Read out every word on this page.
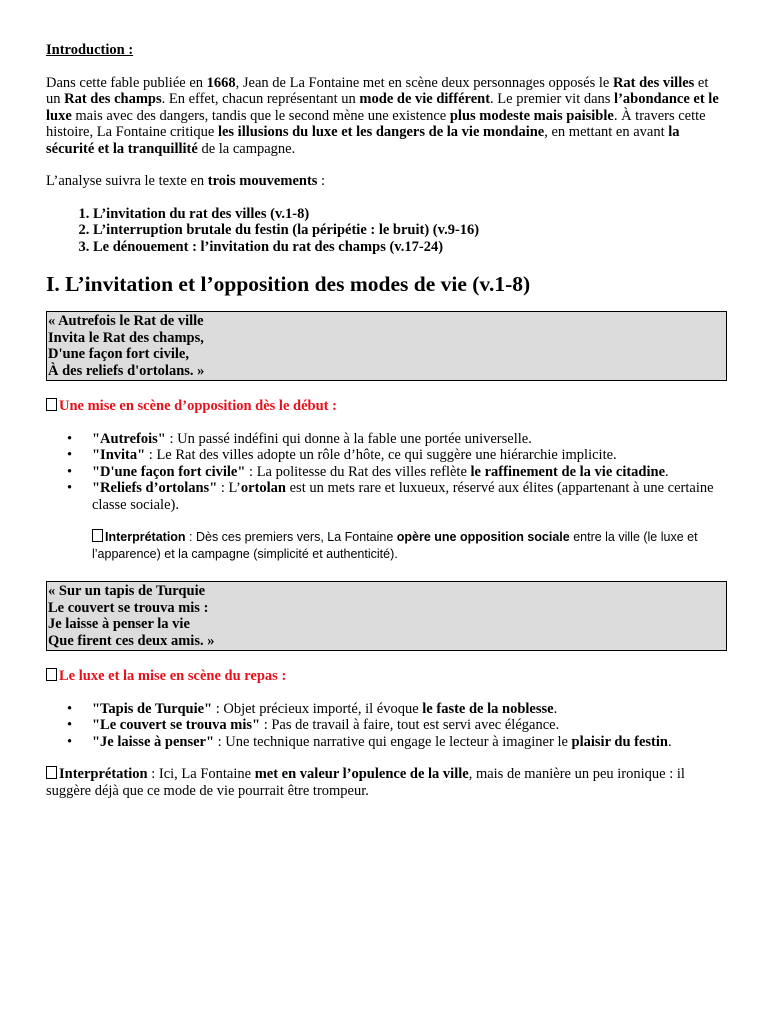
Introduction :

Dans cette fable publiée en 1668, Jean de La Fontaine met en scène deux personnages opposés le Rat des villes et un Rat des champs. En effet, chacun représentant un mode de vie différent. Le premier vit dans l’abondance et le luxe mais avec des dangers, tandis que le second mène une existence plus modeste mais paisible. À travers cette histoire, La Fontaine critique les illusions du luxe et les dangers de la vie mondaine, en mettant en avant la sécurité et la tranquillité de la campagne.

L’analyse suivra le texte en trois mouvements :

1. L’invitation du rat des villes (v.1-8)
2. L’interruption brutale du festin (la péripétie : le bruit) (v.9-16)
3. Le dénouement : l’invitation du rat des champs (v.17-24)
I. L’invitation et l’opposition des modes de vie (v.1-8)
« Autrefois le Rat de ville
Invita le Rat des champs,
D'une façon fort civile,
À des reliefs d'ortolans. »

Une mise en scène d’opposition dès le début :

• "Autrefois" : Un passé indéfini qui donne à la fable une portée universelle.
• "Invita" : Le Rat des villes adopte un rôle d’hôte, ce qui suggère une hiérarchie implicite.
• "D'une façon fort civile" : La politesse du Rat des villes reflète le raffinement de la vie citadine.
• "Reliefs d’ortolans" : L’ortolan est un mets rare et luxueux, réservé aux élites (appartenant à une certaine classe sociale).

Interprétation : Dès ces premiers vers, La Fontaine opère une opposition sociale entre la ville (le luxe et l’apparence) et la campagne (simplicité et authenticité).

« Sur un tapis de Turquie
Le couvert se trouva mis :
Je laisse à penser la vie
Que firent ces deux amis. »

Le luxe et la mise en scène du repas :

• "Tapis de Turquie" : Objet précieux importé, il évoque le faste de la noblesse.
• "Le couvert se trouva mis" : Pas de travail à faire, tout est servi avec élégance.
• "Je laisse à penser" : Une technique narrative qui engage le lecteur à imaginer le plaisir du festin.

Interprétation : Ici, La Fontaine met en valeur l’opulence de la ville, mais de manière un peu ironique : il suggère déjà que ce mode de vie pourrait être trompeur.
